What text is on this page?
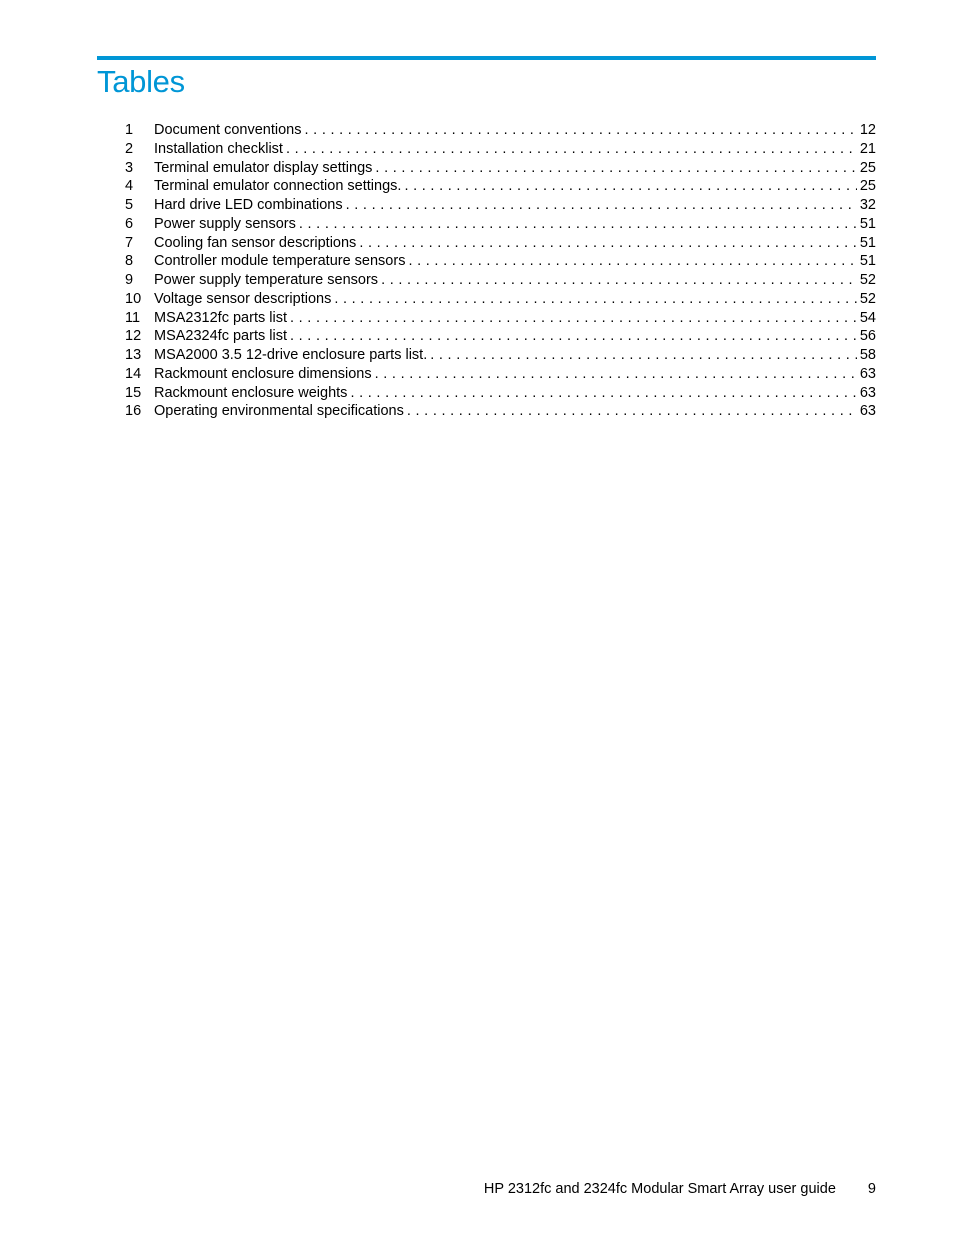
Tables
1	Document conventions . . .	12
2	Installation checklist . . .	21
3	Terminal emulator display settings . . .	25
4	Terminal emulator connection settings. . . .	25
5	Hard drive LED combinations . . .	32
6	Power supply sensors . . .	51
7	Cooling fan sensor descriptions . . .	51
8	Controller module temperature sensors . . .	51
9	Power supply temperature sensors . . .	52
10 Voltage sensor descriptions . . .	52
11 MSA2312fc parts list . . .	54
12 MSA2324fc parts list . . .	56
13 MSA2000 3.5 12-drive enclosure parts list. . . .	58
14 Rackmount enclosure dimensions . . .	63
15 Rackmount enclosure weights . . .	63
16 Operating environmental specifications . . .	63
HP 2312fc and 2324fc Modular Smart Array user guide 9
